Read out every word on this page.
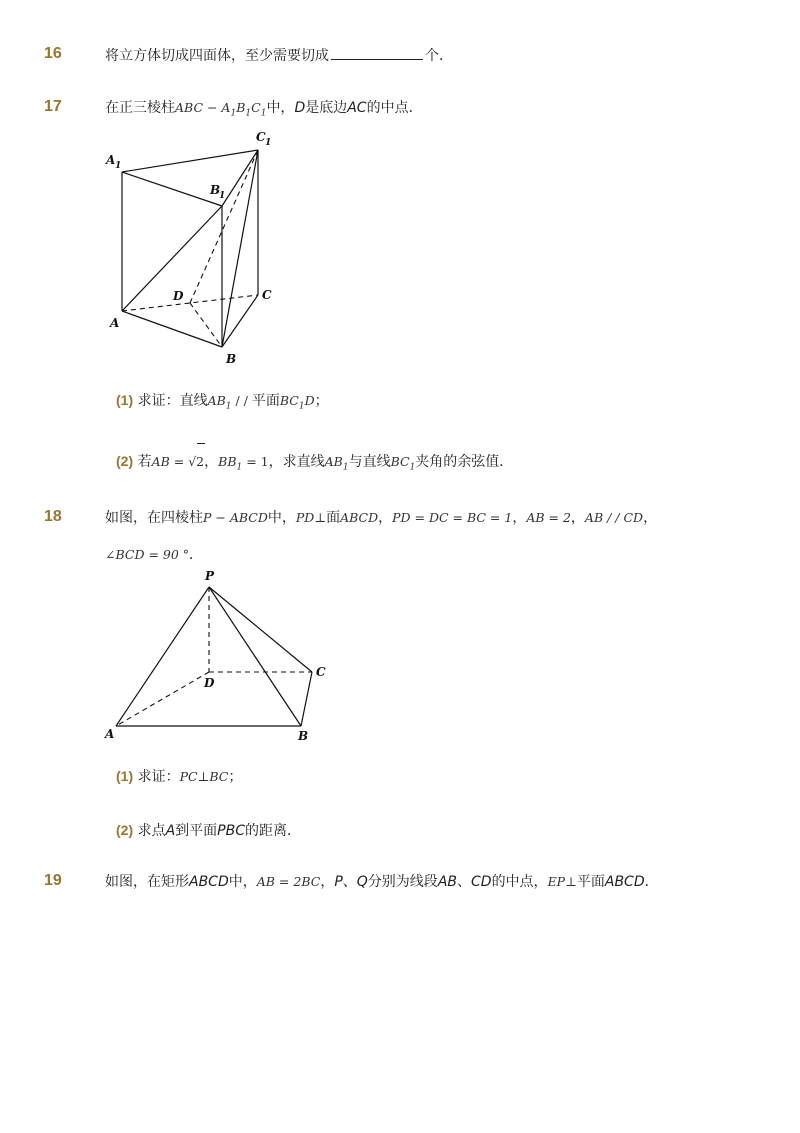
16	将立方体切成四面体，至少需要切成	个．
17	在正三棱柱ABC − $A_1B_1C_1$中，D是底边AC的中点．
A 1
B
1
C 1
A
B
C
D
(1) 求证：直线$AB_1$ / / 平面$BC_1D$；
(2) 若AB =
√2，$BB_1 = 1$，求直线$AB_1$与直线$BC_1$夹角的余弦值．
18	如图，在四棱柱P − ABCD中，PD⊥面ABCD，PD = DC = BC = 1，AB = 2，AB / / CD，
∠BCD = 90 °．
P
D
C
A	B
(1) 求证：PC⊥BC；
(2) 求点A到平面PBC的距离．
19	如图，在矩形ABCD中，AB = 2BC，P、Q分别为线段AB、CD的中点，EP⊥平面ABCD．
